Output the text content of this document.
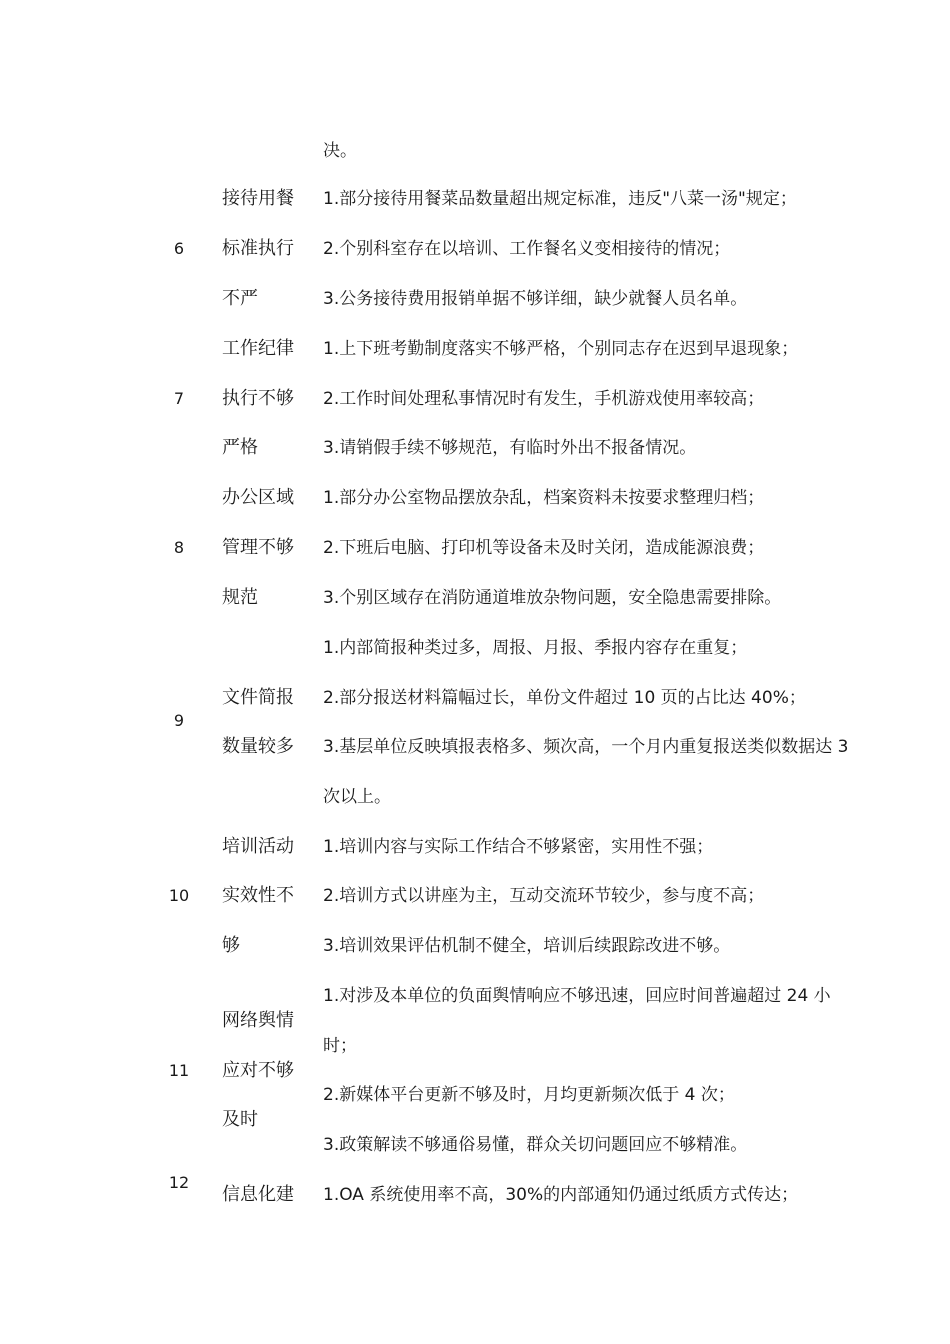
决。
6
接待用餐
标准执行
不严
1.部分接待用餐菜品数量超出规定标准，违反"八菜一汤"规定；
2.个别科室存在以培训、工作餐名义变相接待的情况；
3.公务接待费用报销单据不够详细，缺少就餐人员名单。
7
工作纪律
执行不够
严格
1.上下班考勤制度落实不够严格，个别同志存在迟到早退现象；
2.工作时间处理私事情况时有发生，手机游戏使用率较高；
3.请销假手续不够规范，有临时外出不报备情况。
8
办公区域
管理不够
规范
1.部分办公室物品摆放杂乱，档案资料未按要求整理归档；
2.下班后电脑、打印机等设备未及时关闭，造成能源浪费；
3.个别区域存在消防通道堆放杂物问题，安全隐患需要排除。
9
文件简报
数量较多
1.内部简报种类过多，周报、月报、季报内容存在重复；
2.部分报送材料篇幅过长，单份文件超过 10 页的占比达 40%；
3.基层单位反映填报表格多、频次高，一个月内重复报送类似数据达 3
次以上。
10
培训活动
实效性不
够
1.培训内容与实际工作结合不够紧密，实用性不强；
2.培训方式以讲座为主，互动交流环节较少，参与度不高；
3.培训效果评估机制不健全，培训后续跟踪改进不够。
11
网络舆情
应对不够
及时
1.对涉及本单位的负面舆情响应不够迅速，回应时间普遍超过 24 小
时；
2.新媒体平台更新不够及时，月均更新频次低于 4 次；
3.政策解读不够通俗易懂，群众关切问题回应不够精准。
12
信息化建 1.OA 系统使用率不高，30%的内部通知仍通过纸质方式传达；
